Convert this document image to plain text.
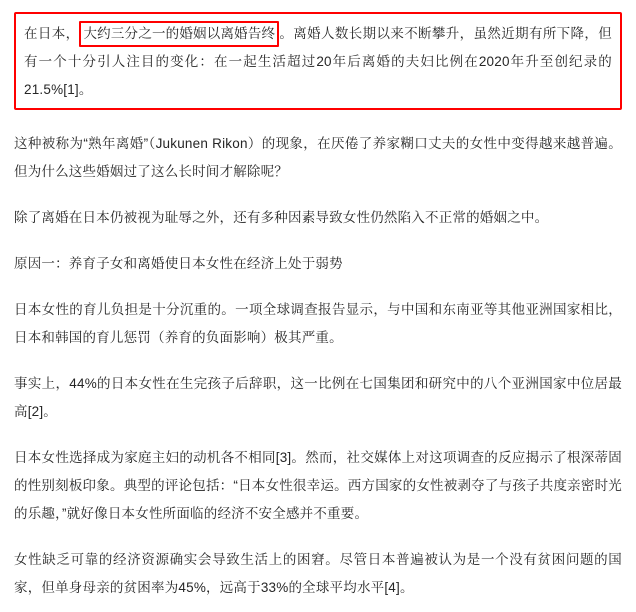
在日本， 大约三分之一的婚姻以离婚告终 。离婚人数长期以来不断攀升，虽然近期有所下降，但有一个十分引人注目的变化：在一起生活超过20年后离婚的夫妇比例在2020年升至创纪录的21.5%[1]。

这种被称为“熟年离婚”（Jukunen Rikon）的现象，在厌倦了养家糊口丈夫的女性中变得越来越普遍。但为什么这些婚姻过了这么长时间才解除呢？

除了离婚在日本仍被视为耻辱之外，还有多种因素导致女性仍然陷入不正常的婚姻之中。

原因一：养育子女和离婚使日本女性在经济上处于弱势

日本女性的育儿负担是十分沉重的。一项全球调查报告显示，与中国和东南亚等其他亚洲国家相比，日本和韩国的育儿惩罚（养育的负面影响）极其严重。

事实上，44%的日本女性在生完孩子后辞职，这一比例在七国集团和研究中的八个亚洲国家中位居最高[2]。

日本女性选择成为家庭主妇的动机各不相同[3]。然而，社交媒体上对这项调查的反应揭示了根深蒂固的性别刻板印象。典型的评论包括：“日本女性很幸运。西方国家的女性被剥夺了与孩子共度亲密时光的乐趣，”就好像日本女性所面临的经济不安全感并不重要。

女性缺乏可靠的经济资源确实会导致生活上的困窘。尽管日本普遍被认为是一个没有贫困问题的国家，但单身母亲的贫困率为45%，远高于33%的全球平均水平[4]。
